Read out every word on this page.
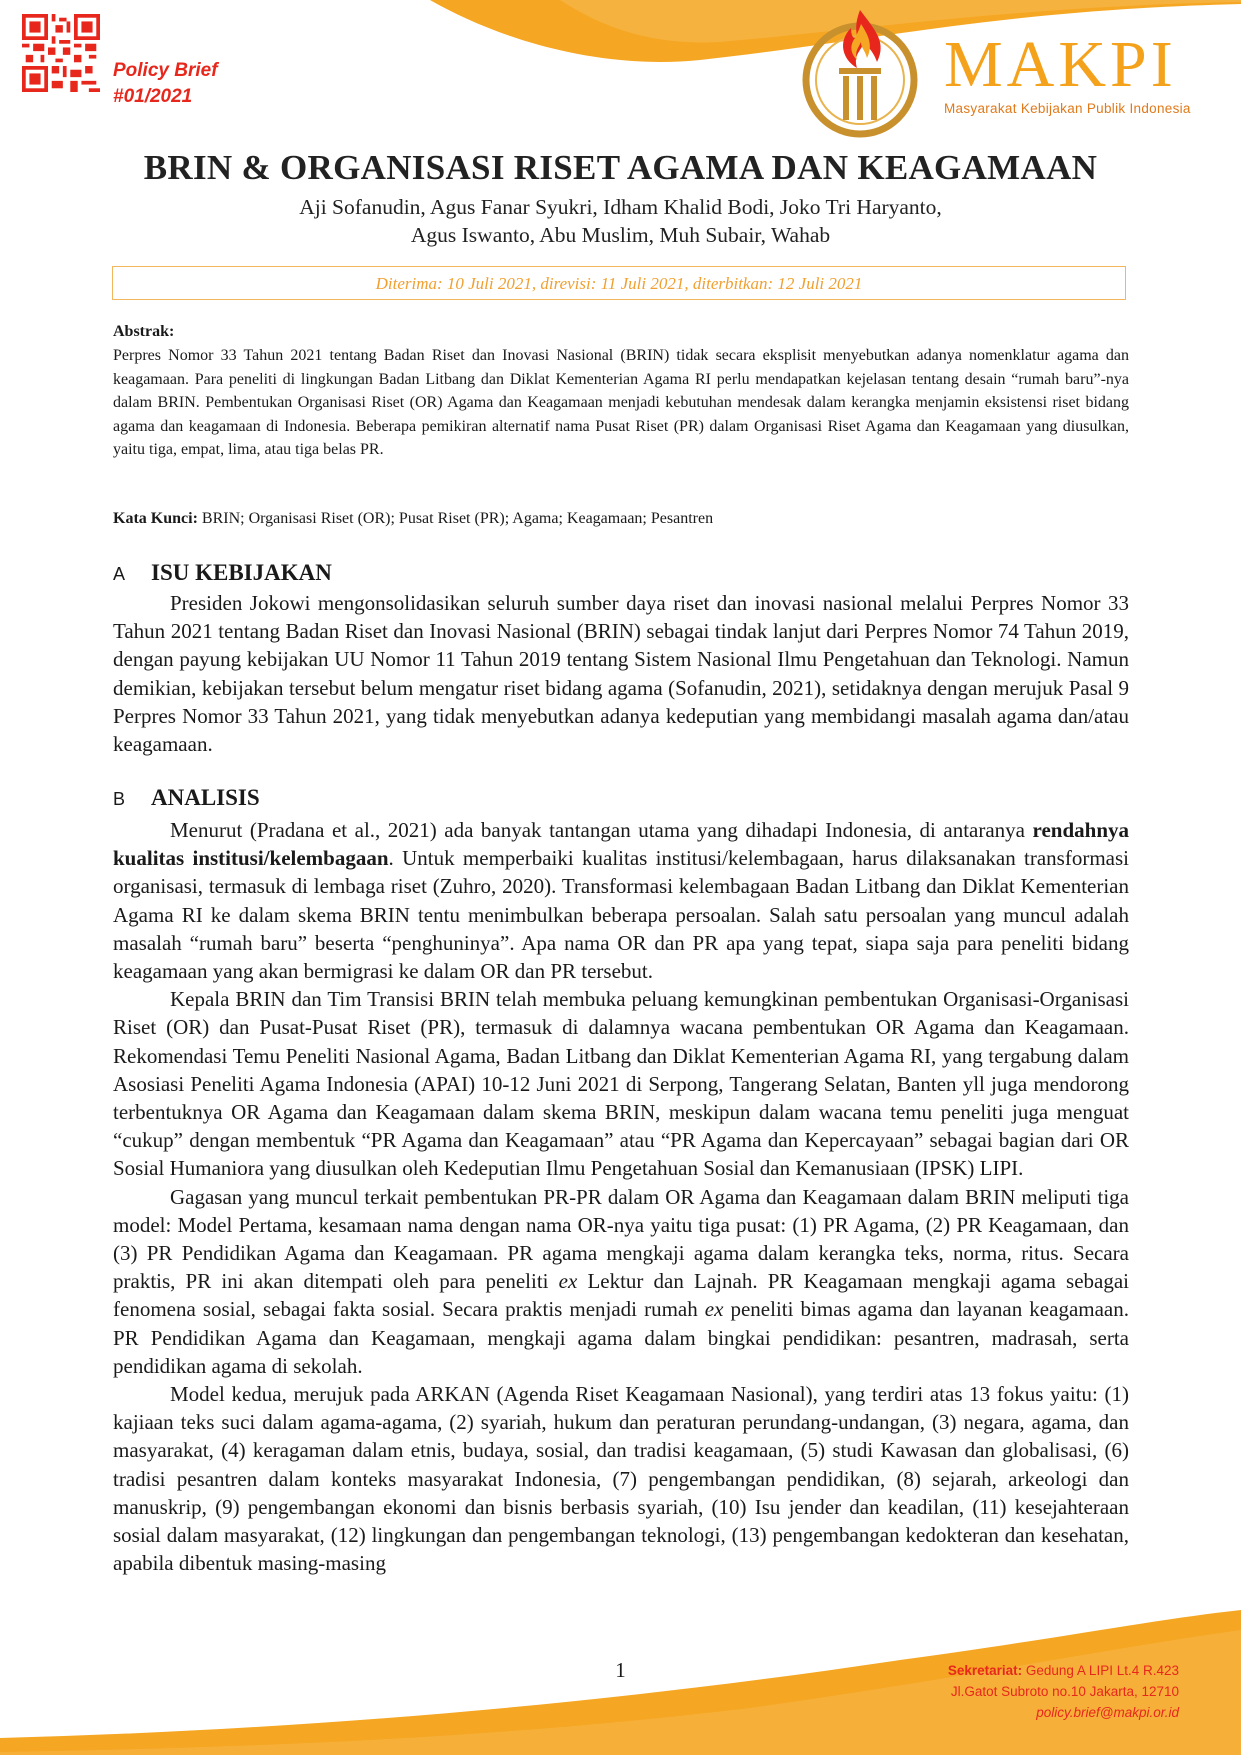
Policy Brief
#01/2021	MAKPI
Masyarakat Kebijakan Publik Indonesia
BRIN & ORGANISASI RISET AGAMA DAN KEAGAMAAN
Aji Sofanudin, Agus Fanar Syukri, Idham Khalid Bodi, Joko Tri Haryanto,
Agus Iswanto, Abu Muslim, Muh Subair, Wahab
Diterima: 10 Juli 2021, direvisi: 11 Juli 2021, diterbitkan: 12 Juli 2021
Abstrak:
Perpres Nomor 33 Tahun 2021 tentang Badan Riset dan Inovasi Nasional (BRIN) tidak secara eksplisit menyebutkan adanya nomenklatur agama dan keagamaan. Para peneliti di lingkungan Badan Litbang dan Diklat Kementerian Agama RI perlu mendapatkan kejelasan tentang desain “rumah baru”-nya dalam BRIN. Pembentukan Organisasi Riset (OR) Agama dan Keagamaan menjadi kebutuhan mendesak dalam kerangka menjamin eksistensi riset bidang agama dan keagamaan di Indonesia. Beberapa pemikiran alternatif nama Pusat Riset (PR) dalam Organisasi Riset Agama dan Keagamaan yang diusulkan, yaitu tiga, empat, lima, atau tiga belas PR.
Kata Kunci: BRIN; Organisasi Riset (OR); Pusat Riset (PR); Agama; Keagamaan; Pesantren
A ISU KEBIJAKAN

Presiden Jokowi mengonsolidasikan seluruh sumber daya riset dan inovasi nasional melalui Perpres Nomor 33 Tahun 2021 tentang Badan Riset dan Inovasi Nasional (BRIN) sebagai tindak lanjut dari Perpres Nomor 74 Tahun 2019, dengan payung kebijakan UU Nomor 11 Tahun 2019 tentang Sistem Nasional Ilmu Pengetahuan dan Teknologi. Namun demikian, kebijakan tersebut belum mengatur riset bidang agama (Sofanudin, 2021), setidaknya dengan merujuk Pasal 9 Perpres Nomor 33 Tahun 2021, yang tidak menyebutkan adanya kedeputian yang membidangi masalah agama dan/atau keagamaan.

B ANALISIS

Menurut (Pradana et al., 2021) ada banyak tantangan utama yang dihadapi Indonesia, di antaranya rendahnya kualitas institusi/kelembagaan. Untuk memperbaiki kualitas institusi/kelembagaan, harus dilaksanakan transformasi organisasi, termasuk di lembaga riset (Zuhro, 2020). Transformasi kelembagaan Badan Litbang dan Diklat Kementerian Agama RI ke dalam skema BRIN tentu menimbulkan beberapa persoalan. Salah satu persoalan yang muncul adalah masalah “rumah baru” beserta “penghuninya”. Apa nama OR dan PR apa yang tepat, siapa saja para peneliti bidang keagamaan yang akan bermigrasi ke dalam OR dan PR tersebut.

Kepala BRIN dan Tim Transisi BRIN telah membuka peluang kemungkinan pembentukan Organisasi-Organisasi Riset (OR) dan Pusat-Pusat Riset (PR), termasuk di dalamnya wacana pembentukan OR Agama dan Keagamaan. Rekomendasi Temu Peneliti Nasional Agama, Badan Litbang dan Diklat Kementerian Agama RI, yang tergabung dalam Asosiasi Peneliti Agama Indonesia (APAI) 10-12 Juni 2021 di Serpong, Tangerang Selatan, Banten yll juga mendorong terbentuknya OR Agama dan Keagamaan dalam skema BRIN, meskipun dalam wacana temu peneliti juga menguat “cukup” dengan membentuk “PR Agama dan Keagamaan” atau “PR Agama dan Kepercayaan” sebagai bagian dari OR Sosial Humaniora yang diusulkan oleh Kedeputian Ilmu Pengetahuan Sosial dan Kemanusiaan (IPSK) LIPI.

Gagasan yang muncul terkait pembentukan PR-PR dalam OR Agama dan Keagamaan dalam BRIN meliputi tiga model: Model Pertama, kesamaan nama dengan nama OR-nya yaitu tiga pusat: (1) PR Agama, (2) PR Keagamaan, dan (3) PR Pendidikan Agama dan Keagamaan. PR agama mengkaji agama dalam kerangka teks, norma, ritus. Secara praktis, PR ini akan ditempati oleh para peneliti ex Lektur dan Lajnah. PR Keagamaan mengkaji agama sebagai fenomena sosial, sebagai fakta sosial. Secara praktis menjadi rumah ex peneliti bimas agama dan layanan keagamaan. PR Pendidikan Agama dan Keagamaan, mengkaji agama dalam bingkai pendidikan: pesantren, madrasah, serta pendidikan agama di sekolah.

Model kedua, merujuk pada ARKAN (Agenda Riset Keagamaan Nasional), yang terdiri atas 13 fokus yaitu: (1) kajiaan teks suci dalam agama-agama, (2) syariah, hukum dan peraturan perundang-undangan, (3) negara, agama, dan masyarakat, (4) keragaman dalam etnis, budaya, sosial, dan tradisi keagamaan, (5) studi Kawasan dan globalisasi, (6) tradisi pesantren dalam konteks masyarakat Indonesia, (7) pengembangan pendidikan, (8) sejarah, arkeologi dan manuskrip, (9) pengembangan ekonomi dan bisnis berbasis syariah, (10) Isu jender dan keadilan, (11) kesejahteraan sosial dalam masyarakat, (12) lingkungan dan pengembangan teknologi, (13) pengembangan kedokteran dan kesehatan, apabila dibentuk masing-masing

1	Sekretariat: Gedung A LIPI Lt.4 R.423
Jl.Gatot Subroto no.10 Jakarta, 12710
policy.brief@makpi.or.id
